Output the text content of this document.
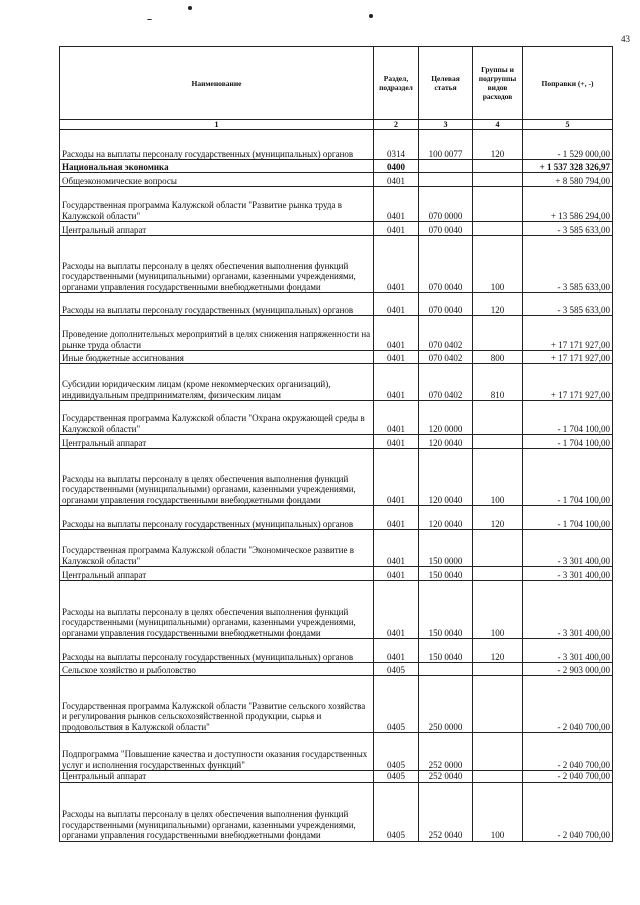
43
Наименование	Раздел, подраздел	Целевая статья	Группы и подгруппы видов расходов	Поправки (+, -)
1	2	3	4	5
Расходы на выплаты персоналу государственных (муниципальных) органов	0314	100 0077	120	- 1 529 000,00
Национальная экономика	0400			+ 1 537 328 326,97
Общеэкономические вопросы	0401			+ 8 580 794,00
Государственная программа Калужской области "Развитие рынка труда в Калужской области"	0401	070 0000		+ 13 586 294,00
Центральный аппарат	0401	070 0040		- 3 585 633,00
Расходы на выплаты персоналу в целях обеспечения выполнения функций государственными (муниципальными) органами, казенными учреждениями, органами управления государственными внебюджетными фондами	0401	070 0040	100	- 3 585 633,00
Расходы на выплаты персоналу государственных (муниципальных) органов	0401	070 0040	120	- 3 585 633,00
Проведение дополнительных мероприятий в целях снижения напряженности на рынке труда области	0401	070 0402		+ 17 171 927,00
Иные бюджетные ассигнования	0401	070 0402	800	+ 17 171 927,00
Субсидии юридическим лицам (кроме некоммерческих организаций), индивидуальным предпринимателям, физическим лицам	0401	070 0402	810	+ 17 171 927,00
Государственная программа Калужской области "Охрана окружающей среды в Калужской области"	0401	120 0000		- 1 704 100,00
Центральный аппарат	0401	120 0040		- 1 704 100,00
Расходы на выплаты персоналу в целях обеспечения выполнения функций государственными (муниципальными) органами, казенными учреждениями, органами управления государственными внебюджетными фондами	0401	120 0040	100	- 1 704 100,00
Расходы на выплаты персоналу государственных (муниципальных) органов	0401	120 0040	120	- 1 704 100,00
Государственная программа Калужской области "Экономическое развитие в Калужской области"	0401	150 0000		- 3 301 400,00
Центральный аппарат	0401	150 0040		- 3 301 400,00
Расходы на выплаты персоналу в целях обеспечения выполнения функций государственными (муниципальными) органами, казенными учреждениями, органами управления государственными внебюджетными фондами	0401	150 0040	100	- 3 301 400,00
Расходы на выплаты персоналу государственных (муниципальных) органов	0401	150 0040	120	- 3 301 400,00
Сельское хозяйство и рыболовство	0405			- 2 903 000,00
Государственная программа Калужской области "Развитие сельского хозяйства и регулирования рынков сельскохозяйственной продукции, сырья и продовольствия в Калужской области"	0405	250 0000		- 2 040 700,00
Подпрограмма "Повышение качества и доступности оказания государственных услуг и исполнения государственных функций"	0405	252 0000		- 2 040 700,00
Центральный аппарат	0405	252 0040		- 2 040 700,00
Расходы на выплаты персоналу в целях обеспечения выполнения функций государственными (муниципальными) органами, казенными учреждениями, органами управления государственными внебюджетными фондами	0405	252 0040	100	- 2 040 700,00
